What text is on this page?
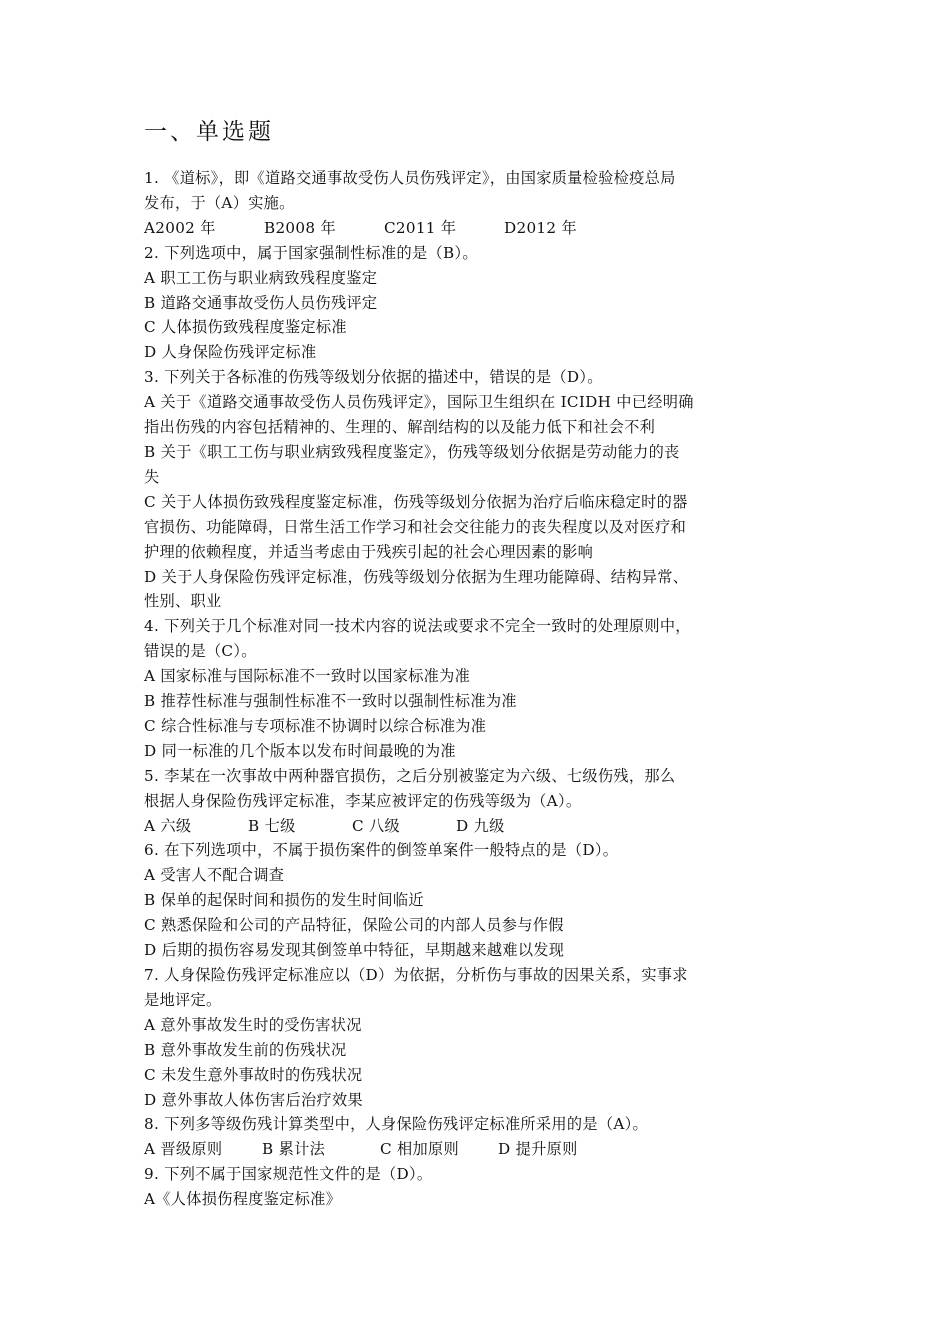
一、单选题
1. 《道标》，即《道路交通事故受伤人员伤残评定》，由国家质量检验检疫总局
发布，于（A）实施。
A2002 年	B2008 年	C2011 年	D2012 年
2. 下列选项中，属于国家强制性标准的是（B）。
A 职工工伤与职业病致残程度鉴定
B 道路交通事故受伤人员伤残评定
C 人体损伤致残程度鉴定标准
D 人身保险伤残评定标准
3. 下列关于各标准的伤残等级划分依据的描述中，错误的是（D）。
A 关于《道路交通事故受伤人员伤残评定》，国际卫生组织在 ICIDH 中已经明确
指出伤残的内容包括精神的、生理的、解剖结构的以及能力低下和社会不利
B 关于《职工工伤与职业病致残程度鉴定》，伤残等级划分依据是劳动能力的丧
失
C 关于人体损伤致残程度鉴定标准，伤残等级划分依据为治疗后临床稳定时的器
官损伤、功能障碍，日常生活工作学习和社会交往能力的丧失程度以及对医疗和
护理的依赖程度，并适当考虑由于残疾引起的社会心理因素的影响
D 关于人身保险伤残评定标准，伤残等级划分依据为生理功能障碍、结构异常、
性别、职业
4. 下列关于几个标准对同一技术内容的说法或要求不完全一致时的处理原则中，
错误的是（C）。
A 国家标准与国际标准不一致时以国家标准为准
B 推荐性标准与强制性标准不一致时以强制性标准为准
C 综合性标准与专项标准不协调时以综合标准为准
D 同一标准的几个版本以发布时间最晚的为准
5. 李某在一次事故中两种器官损伤，之后分别被鉴定为六级、七级伤残，那么
根据人身保险伤残评定标准，李某应被评定的伤残等级为（A）。
A 六级	B 七级	C 八级	D 九级
6. 在下列选项中，不属于损伤案件的倒签单案件一般特点的是（D）。
A 受害人不配合调查
B 保单的起保时间和损伤的发生时间临近
C 熟悉保险和公司的产品特征，保险公司的内部人员参与作假
D 后期的损伤容易发现其倒签单中特征，早期越来越难以发现
7. 人身保险伤残评定标准应以（D）为依据，分析伤与事故的因果关系，实事求
是地评定。
A 意外事故发生时的受伤害状况
B 意外事故发生前的伤残状况
C 未发生意外事故时的伤残状况
D 意外事故人体伤害后治疗效果
8. 下列多等级伤残计算类型中，人身保险伤残评定标准所采用的是（A）。
A 晋级原则	B 累计法	C 相加原则	D 提升原则
9. 下列不属于国家规范性文件的是（D）。
A《人体损伤程度鉴定标准》
